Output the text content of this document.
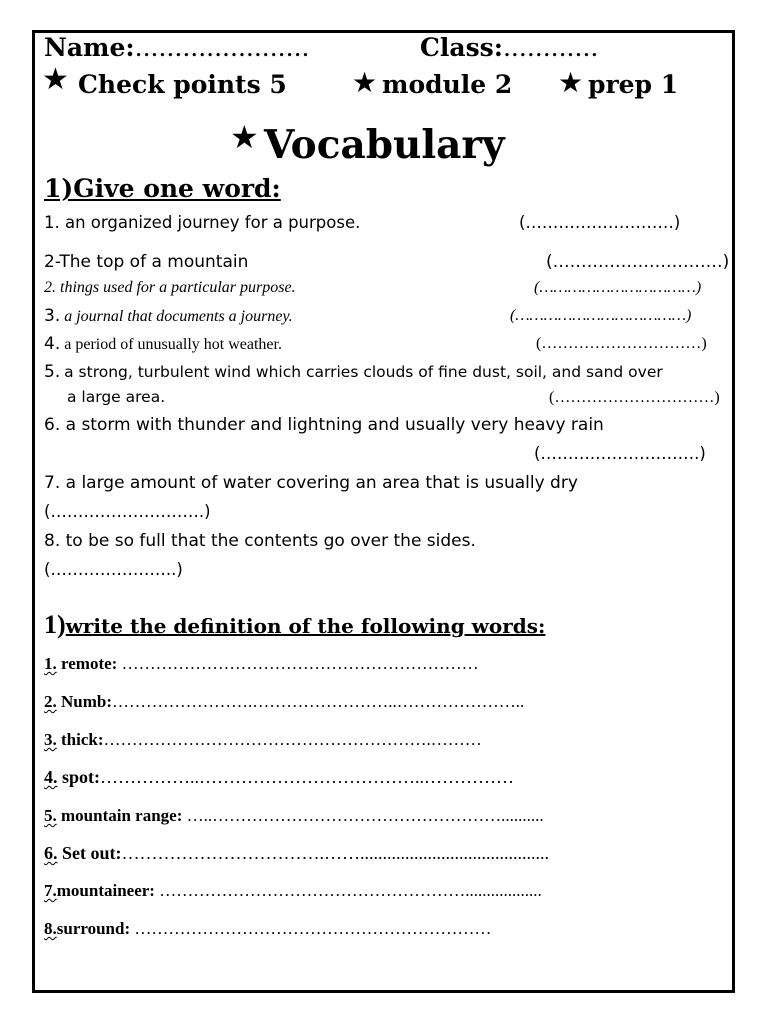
Name:......................	Class:............
★ Check points 5 ★ module 2 ★ prep 1
★ Vocabulary
1)Give one word:
1. an organized journey for a purpose.	(………………………)
2-The top of a mountain	(…………………………)
2. things used for a particular purpose.	(……………………………)
3. a journal that documents a journey.	(………………………………)
4. a period of unusually hot weather.	(…………………………)
5. a strong, turbulent wind which carries clouds of fine dust, soil, and sand over
a large area.	(…………………………)
6. a storm with thunder and lightning and usually very heavy rain
(……….……………….)
7. a large amount of water covering an area that is usually dry
(……………………….)
8. to be so full that the contents go over the sides.
(…………………..)
1)write the definition of the following words:
1. remote: ………………………………………………………
2. Numb:…………………….……………………..…………………..
3. thick:………………………………………………….………
4. spot:……………..………………………………..……………
5. mountain range: …..……………………………………………..........
6. Set out:…………………………….……..........................................
7.mountaineer: ………………………………………………..................
8.surround: ………………………………………………………
